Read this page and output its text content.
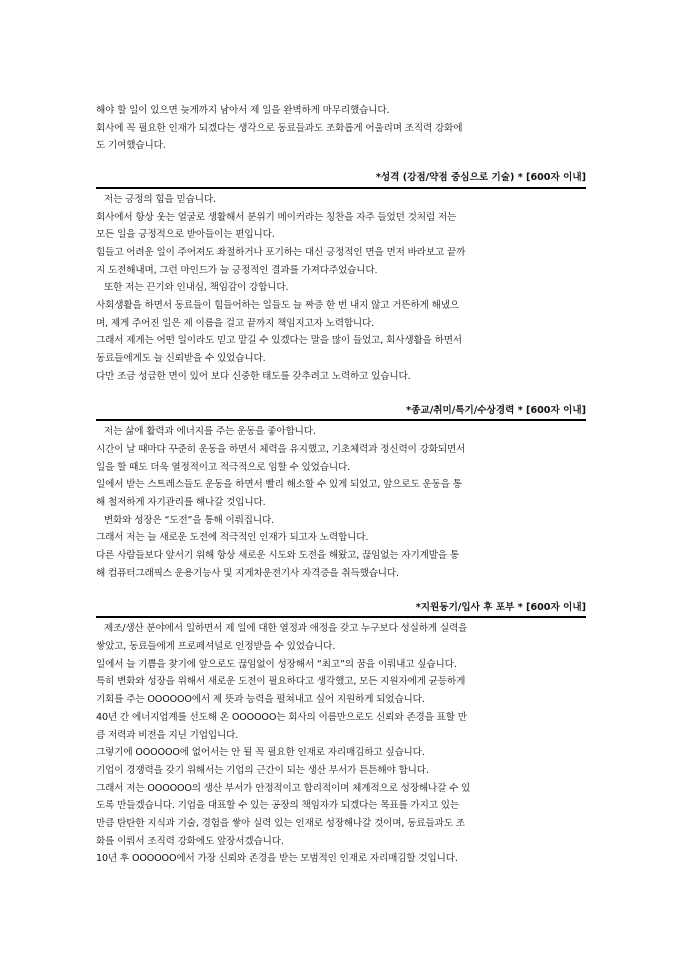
해야 할 일이 있으면 늦게까지 남아서 제 일을 완벽하게 마무리했습니다.
회사에 꼭 필요한 인재가 되겠다는 생각으로 동료들과도 조화롭게 어울리며 조직력 강화에
도 기여했습니다.
*성격 (강점/약점 중심으로 기술) * [600자 이내]
저는 긍정의 힘을 믿습니다.
회사에서 항상 웃는 얼굴로 생활해서 분위기 메이커라는 칭찬을 자주 들었던 것처럼 저는
모든 일을 긍정적으로 받아들이는 편입니다.
힘들고 어려운 일이 주어져도 좌절하거나 포기하는 대신 긍정적인 면을 먼저 바라보고 끝까
지 도전해내며, 그런 마인드가 늘 긍정적인 결과를 가져다주었습니다.
또한 저는 끈기와 인내심, 책임감이 강합니다.
사회생활을 하면서 동료들이 힘들어하는 일들도 늘 짜증 한 번 내지 않고 거뜬하게 해냈으
며, 제게 주어진 일은 제 이름을 걸고 끝까지 책임지고자 노력합니다.
그래서 제게는 어떤 일이라도 믿고 맡길 수 있겠다는 말을 많이 들었고, 회사생활을 하면서
동료들에게도 늘 신뢰받을 수 있었습니다.
다만 조금 성급한 면이 있어 보다 신중한 태도를 갖추려고 노력하고 있습니다.
*종교/취미/특기/수상경력 * [600자 이내]
저는 삶에 활력과 에너지를 주는 운동을 좋아합니다.
시간이 날 때마다 꾸준히 운동을 하면서 체력을 유지했고, 기초체력과 정신력이 강화되면서
일을 할 때도 더욱 열정적이고 적극적으로 임할 수 있었습니다.
일에서 받는 스트레스들도 운동을 하면서 빨리 해소할 수 있게 되었고, 앞으로도 운동을 통
해 철저하게 자기관리를 해나갈 것입니다.
변화와 성장은 “도전”을 통해 이뤄집니다.
그래서 저는 늘 새로운 도전에 적극적인 인재가 되고자 노력합니다.
다른 사람들보다 앞서기 위해 항상 새로운 시도와 도전을 해왔고, 끊임없는 자기계발을 통
해 컴퓨터그래픽스 운용기능사 및 지게차운전기사 자격증을 취득했습니다.
*지원동기/입사 후 포부 * [600자 이내]
제조/생산 분야에서 일하면서 제 일에 대한 열정과 애정을 갖고 누구보다 성실하게 실력을
쌓았고, 동료들에게 프로페셔널로 인정받을 수 있었습니다.
일에서 늘 기쁨을 찾기에 앞으로도 끊임없이 성장해서 “최고”의 꿈을 이뤄내고 싶습니다.
특히 변화와 성장을 위해서 새로운 도전이 필요하다고 생각했고, 모든 지원자에게 균등하게
기회를 주는 OOOOOO에서 제 뜻과 능력을 펼쳐내고 싶어 지원하게 되었습니다.
40년 간 에너지업계를 선도해 온 OOOOOO는 회사의 이름만으로도 신뢰와 존경을 표할 만
큼 저력과 비전을 지닌 기업입니다.
그렇기에 OOOOOO에 없어서는 안 될 꼭 필요한 인재로 자리매김하고 싶습니다.
기업이 경쟁력을 갖기 위해서는 기업의 근간이 되는 생산 부서가 튼튼해야 합니다.
그래서 저는 OOOOOO의 생산 부서가 안정적이고 합리적이며 체계적으로 성장해나갈 수 있
도록 만들겠습니다. 기업을 대표할 수 있는 공장의 책임자가 되겠다는 목표를 가지고 있는
만큼 탄탄한 지식과 기술, 경험을 쌓아 실력 있는 인재로 성장해나갈 것이며, 동료들과도 조
화를 이뤄서 조직력 강화에도 앞장서겠습니다.
10년 후 OOOOOO에서 가장 신뢰와 존경을 받는 모범적인 인재로 자리매김할 것입니다.
